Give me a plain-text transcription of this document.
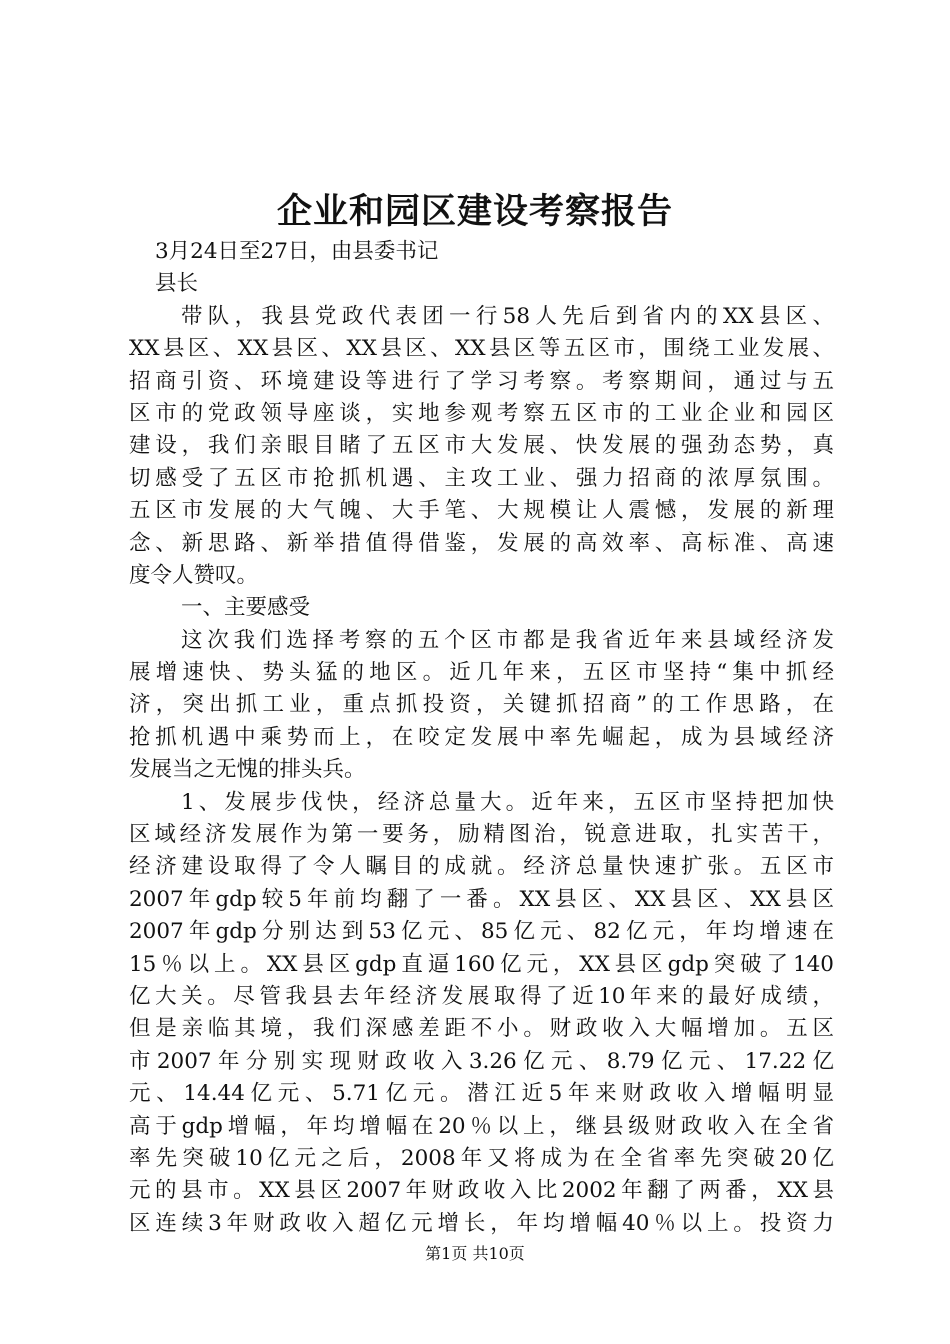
企业和园区建设考察报告
3月24日至27日，由县委书记
县长
带队，我县党政代表团一行58人先后到省内的XX县区、
XX县区、XX县区、XX县区、XX县区等五区市，围绕工业发展、
招商引资、环境建设等进行了学习考察。考察期间，通过与五
区市的党政领导座谈，实地参观考察五区市的工业企业和园区
建设，我们亲眼目睹了五区市大发展、快发展的强劲态势，真
切感受了五区市抢抓机遇、主攻工业、强力招商的浓厚氛围。
五区市发展的大气魄、大手笔、大规模让人震憾，发展的新理
念、新思路、新举措值得借鉴，发展的高效率、高标准、高速
度令人赞叹。
一、主要感受
这次我们选择考察的五个区市都是我省近年来县域经济发
展增速快、势头猛的地区。近几年来，五区市坚持“集中抓经
济，突出抓工业，重点抓投资，关键抓招商”的工作思路，在
抢抓机遇中乘势而上，在咬定发展中率先崛起，成为县域经济
发展当之无愧的排头兵。
1、发展步伐快，经济总量大。近年来，五区市坚持把加快
区域经济发展作为第一要务，励精图治，锐意进取，扎实苦干，
经济建设取得了令人瞩目的成就。经济总量快速扩张。五区市
2007年gdp较5年前均翻了一番。XX县区、XX县区、XX县区
2007年gdp分别达到53亿元、85亿元、82亿元，年均增速在
15％以上。XX县区gdp直逼160亿元，XX县区gdp突破了140
亿大关。尽管我县去年经济发展取得了近10年来的最好成绩，
但是亲临其境，我们深感差距不小。财政收入大幅增加。五区
市2007年分别实现财政收入3.26亿元、8.79亿元、17.22亿
元、14.44亿元、5.71亿元。潜江近5年来财政收入增幅明显
高于gdp增幅，年均增幅在20％以上，继县级财政收入在全省
率先突破10亿元之后，2008年又将成为在全省率先突破20亿
元的县市。XX县区2007年财政收入比2002年翻了两番，XX县
区连续3年财政收入超亿元增长，年均增幅40％以上。投资力
第1页 共10页
